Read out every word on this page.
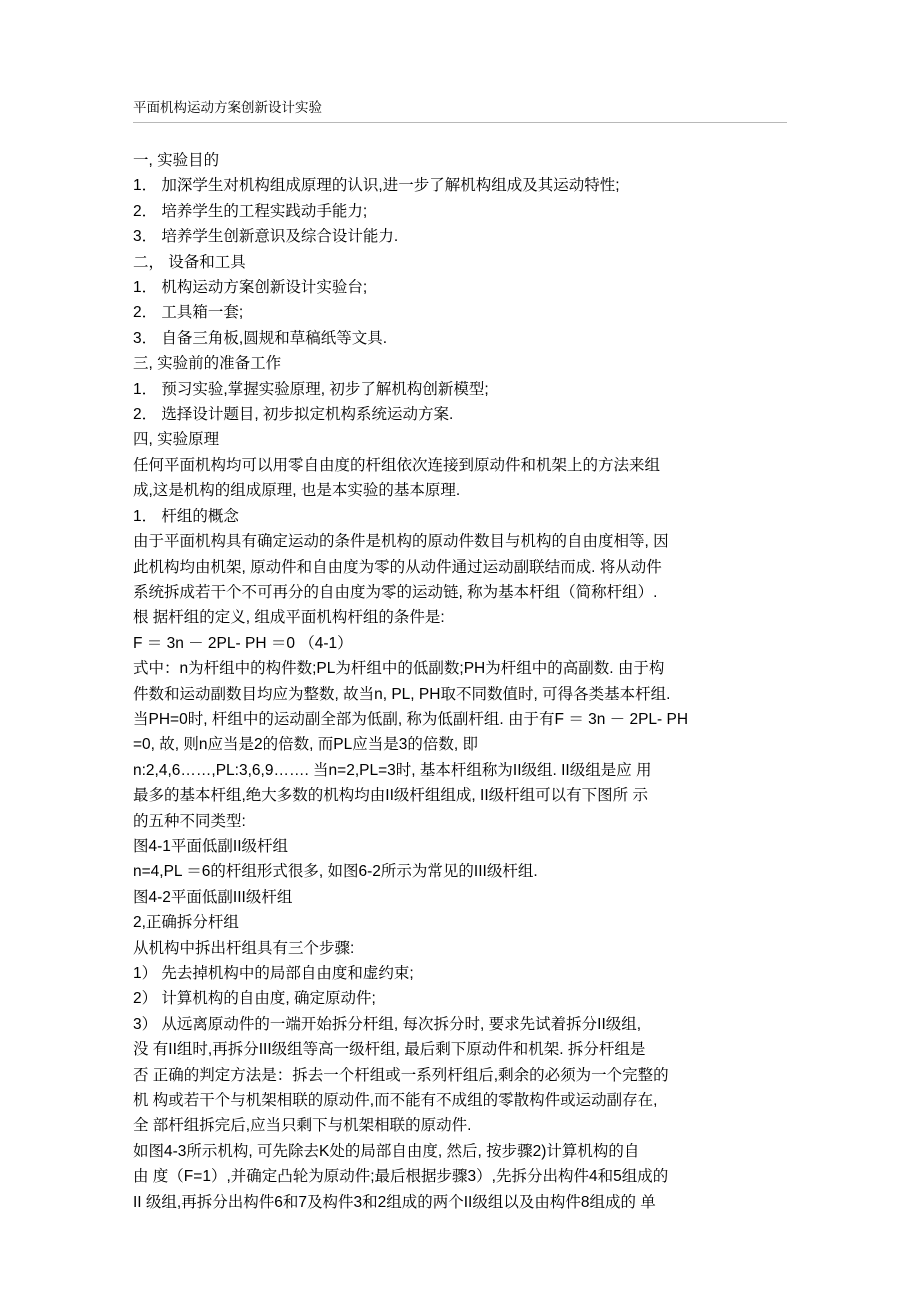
平面机构运动方案创新设计实验
一, 实验目的
1． 加深学生对机构组成原理的认识,进一步了解机构组成及其运动特性;
2． 培养学生的工程实践动手能力;
3． 培养学生创新意识及综合设计能力.
二， 设备和工具
1． 机构运动方案创新设计实验台;
2． 工具箱一套;
3． 自备三角板,圆规和草稿纸等文具.
三, 实验前的准备工作
1． 预习实验,掌握实验原理, 初步了解机构创新模型;
2． 选择设计题目, 初步拟定机构系统运动方案.
四, 实验原理
任何平面机构均可以用零自由度的杆组依次连接到原动件和机架上的方法来组
成,这是机构的组成原理, 也是本实验的基本原理.
1． 杆组的概念
由于平面机构具有确定运动的条件是机构的原动件数目与机构的自由度相等, 因
此机构均由机架, 原动件和自由度为零的从动件通过运动副联结而成. 将从动件
系统拆成若干个不可再分的自由度为零的运动链, 称为基本杆组（简称杆组）.
根 据杆组的定义, 组成平面机构杆组的条件是:
F ＝ 3n － 2PL- PH ＝0 （4-1）
式中：n为杆组中的构件数;PL为杆组中的低副数;PH为杆组中的高副数. 由于构
件数和运动副数目均应为整数, 故当n, PL, PH取不同数值时, 可得各类基本杆组.
当PH=0时, 杆组中的运动副全部为低副, 称为低副杆组. 由于有F ＝ 3n － 2PL- PH
=0, 故, 则n应当是2的倍数, 而PL应当是3的倍数, 即
n:2,4,6……,PL:3,6,9……. 当n=2,PL=3时, 基本杆组称为II级组. II级组是应 用
最多的基本杆组,绝大多数的机构均由II级杆组组成, II级杆组可以有下图所 示
的五种不同类型:
图4-1平面低副II级杆组
n=4,PL ＝6的杆组形式很多, 如图6-2所示为常见的III级杆组.
图4-2平面低副III级杆组
2,正确拆分杆组
从机构中拆出杆组具有三个步骤:
1） 先去掉机构中的局部自由度和虚约束;
2） 计算机构的自由度, 确定原动件;
3） 从远离原动件的一端开始拆分杆组, 每次拆分时, 要求先试着拆分II级组,
没 有II组时,再拆分III级组等高一级杆组, 最后剩下原动件和机架. 拆分杆组是
否 正确的判定方法是：拆去一个杆组或一系列杆组后,剩余的必须为一个完整的
机 构或若干个与机架相联的原动件,而不能有不成组的零散构件或运动副存在,
全 部杆组拆完后,应当只剩下与机架相联的原动件.
如图4-3所示机构, 可先除去K处的局部自由度, 然后, 按步骤2)计算机构的自
由 度（F=1）,并确定凸轮为原动件;最后根据步骤3）,先拆分出构件4和5组成的
II 级组,再拆分出构件6和7及构件3和2组成的两个II级组以及由构件8组成的 单
